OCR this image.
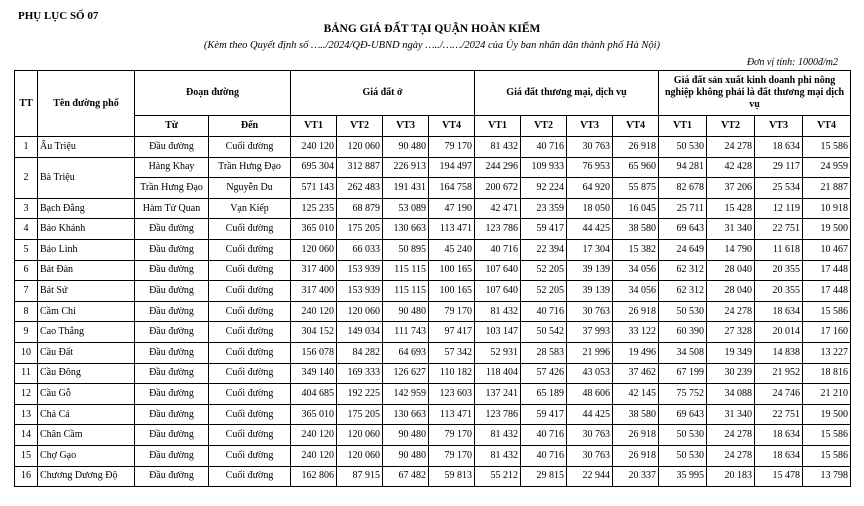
PHỤ LỤC SỐ 07
BẢNG GIÁ ĐẤT TẠI QUẬN HOÀN KIẾM
(Kèm theo Quyết định số …../2024/QĐ-UBND ngày …../……/2024 của Ủy ban nhân dân thành phố Hà Nội)
Đơn vị tính: 1000đ/m2
TT	Tên đường phố	Đoạn đường		Giá đất ở				Giá đất thương mại, dịch vụ				Giá đất sản xuất kinh doanh phi nông nghiệp không phải là đất thương mại dịch vụ			
		Từ	Đến	VT1	VT2	VT3	VT4	VT1	VT2	VT3	VT4	VT1	VT2	VT3	VT4
1	Âu Triệu	Đầu đường	Cuối đường	240 120	120 060	90 480	79 170	81 432	40 716	30 763	26 918	50 530	24 278	18 634	15 586
2	Bà Triệu	Hàng Khay	Trần Hưng Đạo	695 304	312 887	226 913	194 497	244 296	109 933	76 953	65 960	94 281	42 428	29 117	24 959
		Trần Hưng Đạo	Nguyễn Du	571 143	262 483	191 431	164 758	200 672	92 224	64 920	55 875	82 678	37 206	25 534	21 887
3	Bạch Đằng	Hàm Tử Quan	Vạn Kiếp	125 235	68 879	53 089	47 190	42 471	23 359	18 050	16 045	25 711	15 428	12 119	10 918
4	Bảo Khánh	Đầu đường	Cuối đường	365 010	175 205	130 663	113 471	123 786	59 417	44 425	38 580	69 643	31 340	22 751	19 500
5	Bảo Linh	Đầu đường	Cuối đường	120 060	66 033	50 895	45 240	40 716	22 394	17 304	15 382	24 649	14 790	11 618	10 467
6	Bát Đàn	Đầu đường	Cuối đường	317 400	153 939	115 115	100 165	107 640	52 205	39 139	34 056	62 312	28 040	20 355	17 448
7	Bát Sứ	Đầu đường	Cuối đường	317 400	153 939	115 115	100 165	107 640	52 205	39 139	34 056	62 312	28 040	20 355	17 448
8	Cầm Chỉ	Đầu đường	Cuối đường	240 120	120 060	90 480	79 170	81 432	40 716	30 763	26 918	50 530	24 278	18 634	15 586
9	Cao Thắng	Đầu đường	Cuối đường	304 152	149 034	111 743	97 417	103 147	50 542	37 993	33 122	60 390	27 328	20 014	17 160
10	Cầu Đất	Đầu đường	Cuối đường	156 078	84 282	64 693	57 342	52 931	28 583	21 996	19 496	34 508	19 349	14 838	13 227
11	Cầu Đông	Đầu đường	Cuối đường	349 140	169 333	126 627	110 182	118 404	57 426	43 053	37 462	67 199	30 239	21 952	18 816
12	Cầu Gỗ	Đầu đường	Cuối đường	404 685	192 225	142 959	123 603	137 241	65 189	48 606	42 145	75 752	34 088	24 746	21 210
13	Chả Cá	Đầu đường	Cuối đường	365 010	175 205	130 663	113 471	123 786	59 417	44 425	38 580	69 643	31 340	22 751	19 500
14	Chân Cầm	Đầu đường	Cuối đường	240 120	120 060	90 480	79 170	81 432	40 716	30 763	26 918	50 530	24 278	18 634	15 586
15	Chợ Gạo	Đầu đường	Cuối đường	240 120	120 060	90 480	79 170	81 432	40 716	30 763	26 918	50 530	24 278	18 634	15 586
16	Chương Dương Độ	Đầu đường	Cuối đường	162 806	87 915	67 482	59 813	55 212	29 815	22 944	20 337	35 995	20 183	15 478	13 798
